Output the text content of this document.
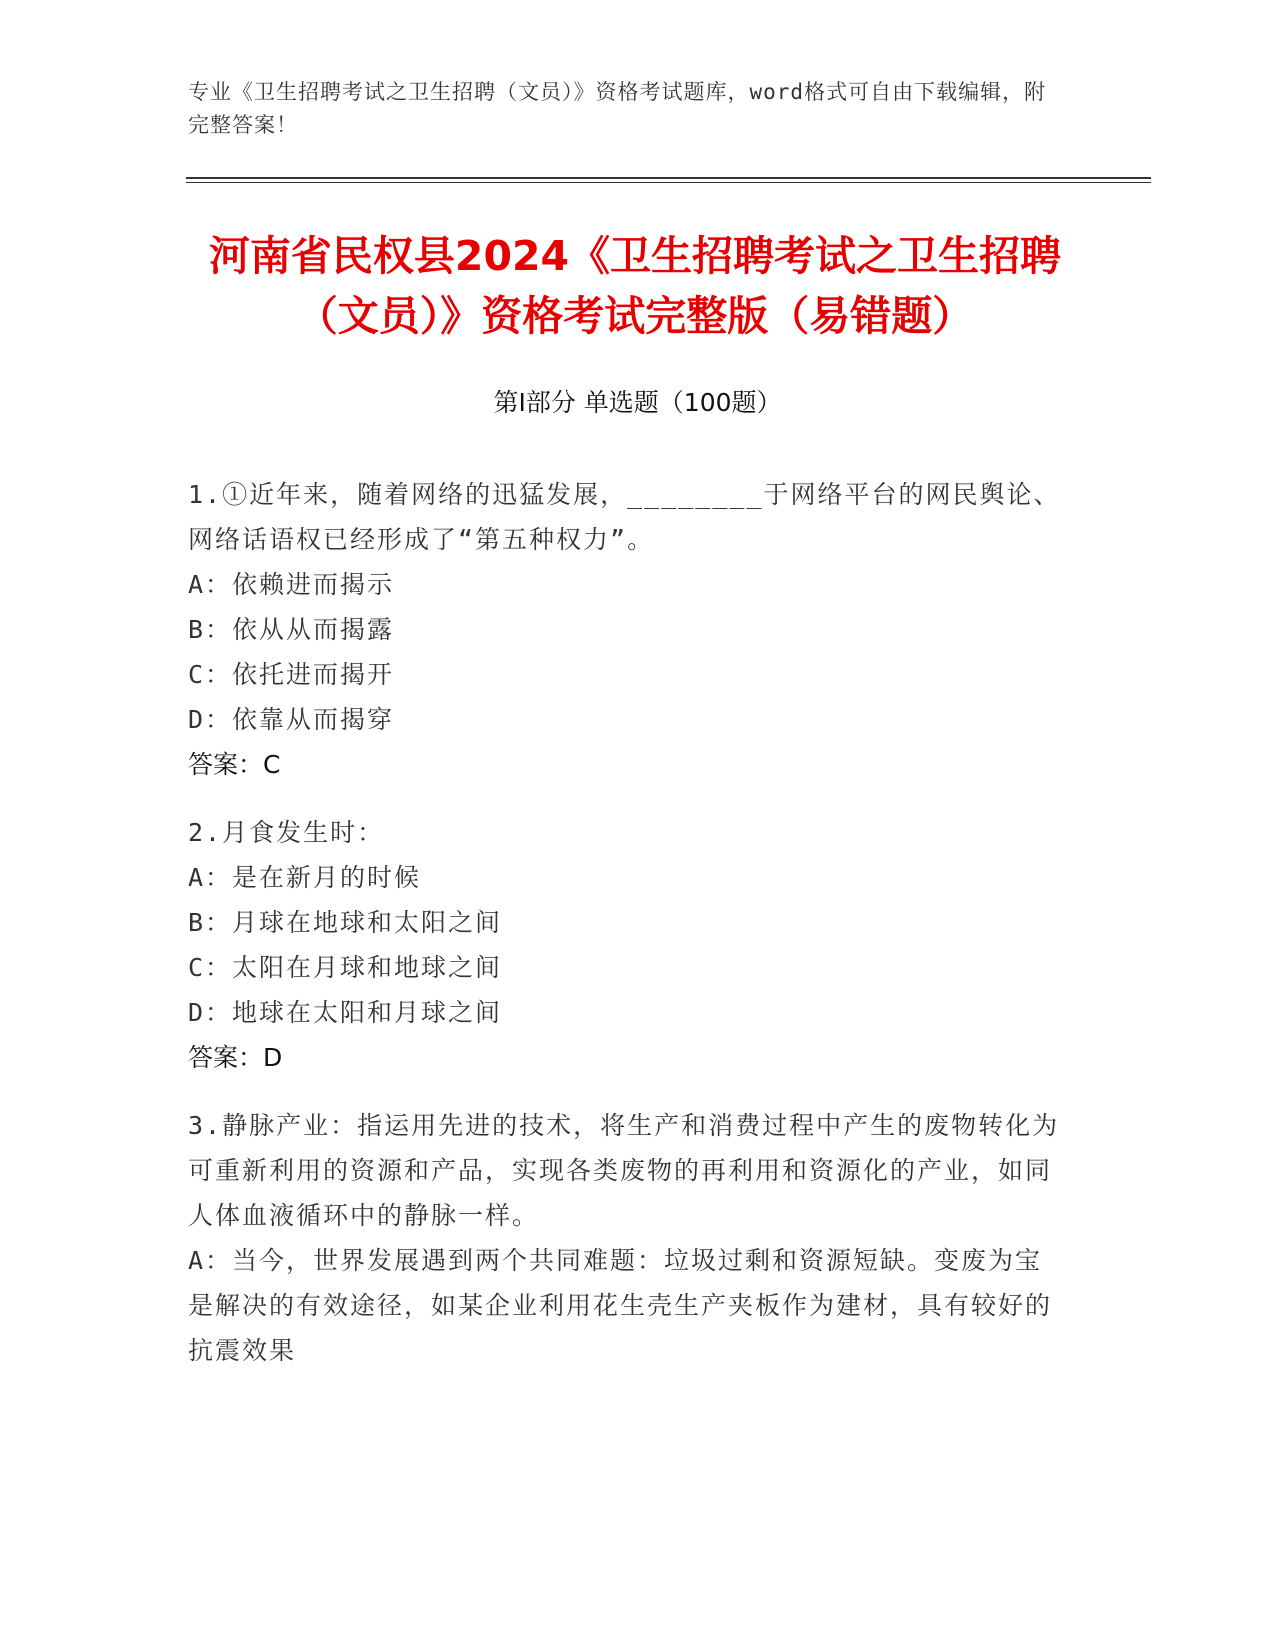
专业《卫生招聘考试之卫生招聘（文员）》资格考试题库，word格式可自由下载编辑，附完整答案！
河南省民权县2024《卫生招聘考试之卫生招聘（文员）》资格考试完整版（易错题）
第Ⅰ部分 单选题（100题）

1.①近年来，随着网络的迅猛发展，________于网络平台的网民舆论、网络话语权已经形成了“第五种权力”。

A：依赖进而揭示

B：依从从而揭露

C：依托进而揭开

D：依靠从而揭穿

答案：C

2.月食发生时：

A：是在新月的时候

B：月球在地球和太阳之间

C：太阳在月球和地球之间

D：地球在太阳和月球之间

答案：D

3.静脉产业：指运用先进的技术，将生产和消费过程中产生的废物转化为可重新利用的资源和产品，实现各类废物的再利用和资源化的产业，如同人体血液循环中的静脉一样。

A：当今，世界发展遇到两个共同难题：垃圾过剩和资源短缺。变废为宝是解决的有效途径，如某企业利用花生壳生产夹板作为建材，具有较好的抗震效果
